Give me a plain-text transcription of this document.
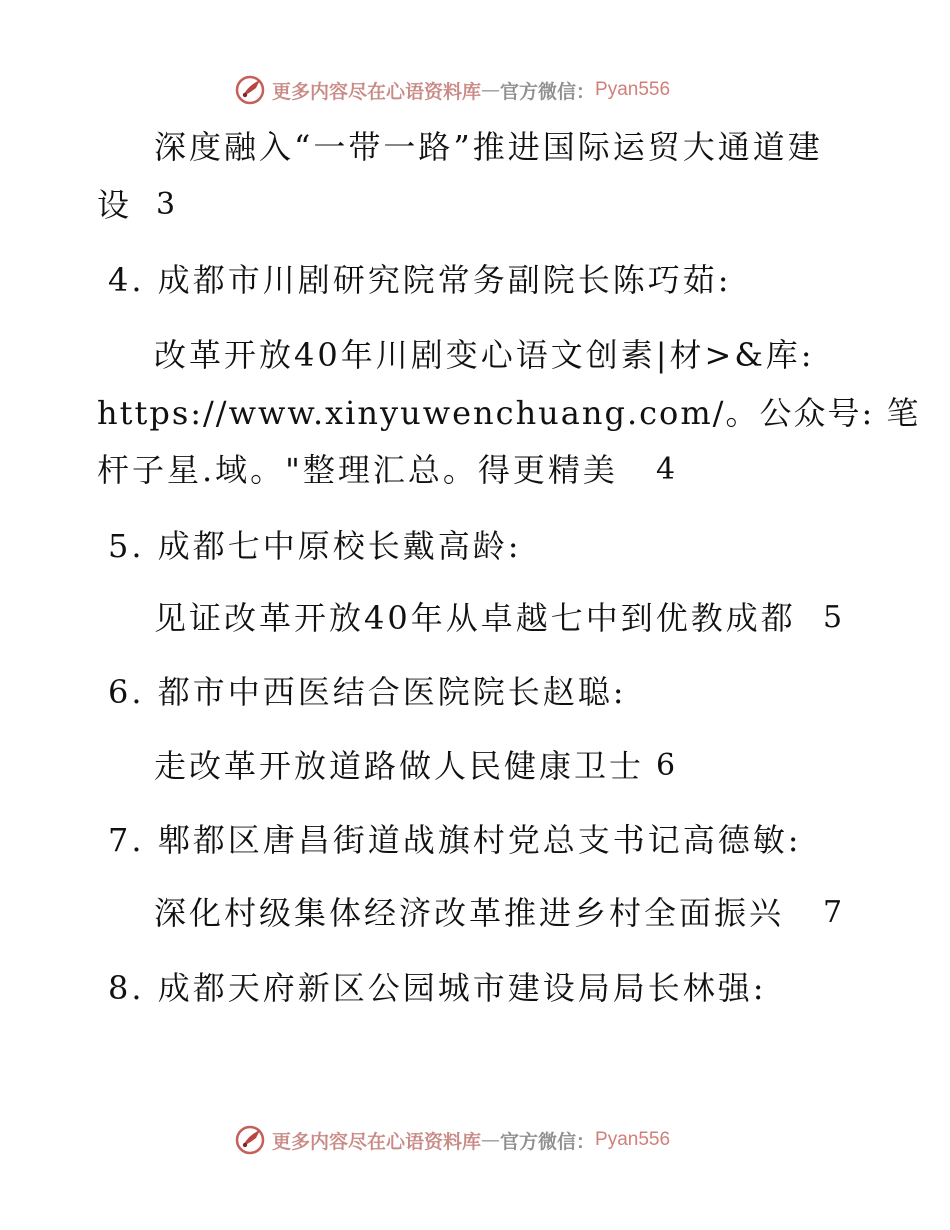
更多内容尽在心语资料库 — 官方微信： Pyan556
深度融入“一带一路”推进国际运贸大通道建
设 3
4. 成都市川剧研究院常务副院长陈巧茹:
改革开放40年川剧变心语文创素|材>&库:
https://www.xinyuwenchuang.com/。公众号: 笔
杆子星.域。"整理汇总。得更精美 4
5. 成都七中原校长戴高龄:
见证改革开放40年从卓越七中到优教成都 5
6. 都市中西医结合医院院长赵聪:
走改革开放道路做人民健康卫士 6
7. 郫都区唐昌街道战旗村党总支书记高德敏:
深化村级集体经济改革推进乡村全面振兴 7
8. 成都天府新区公园城市建设局局长林强:
更多内容尽在心语资料库 — 官方微信： Pyan556
